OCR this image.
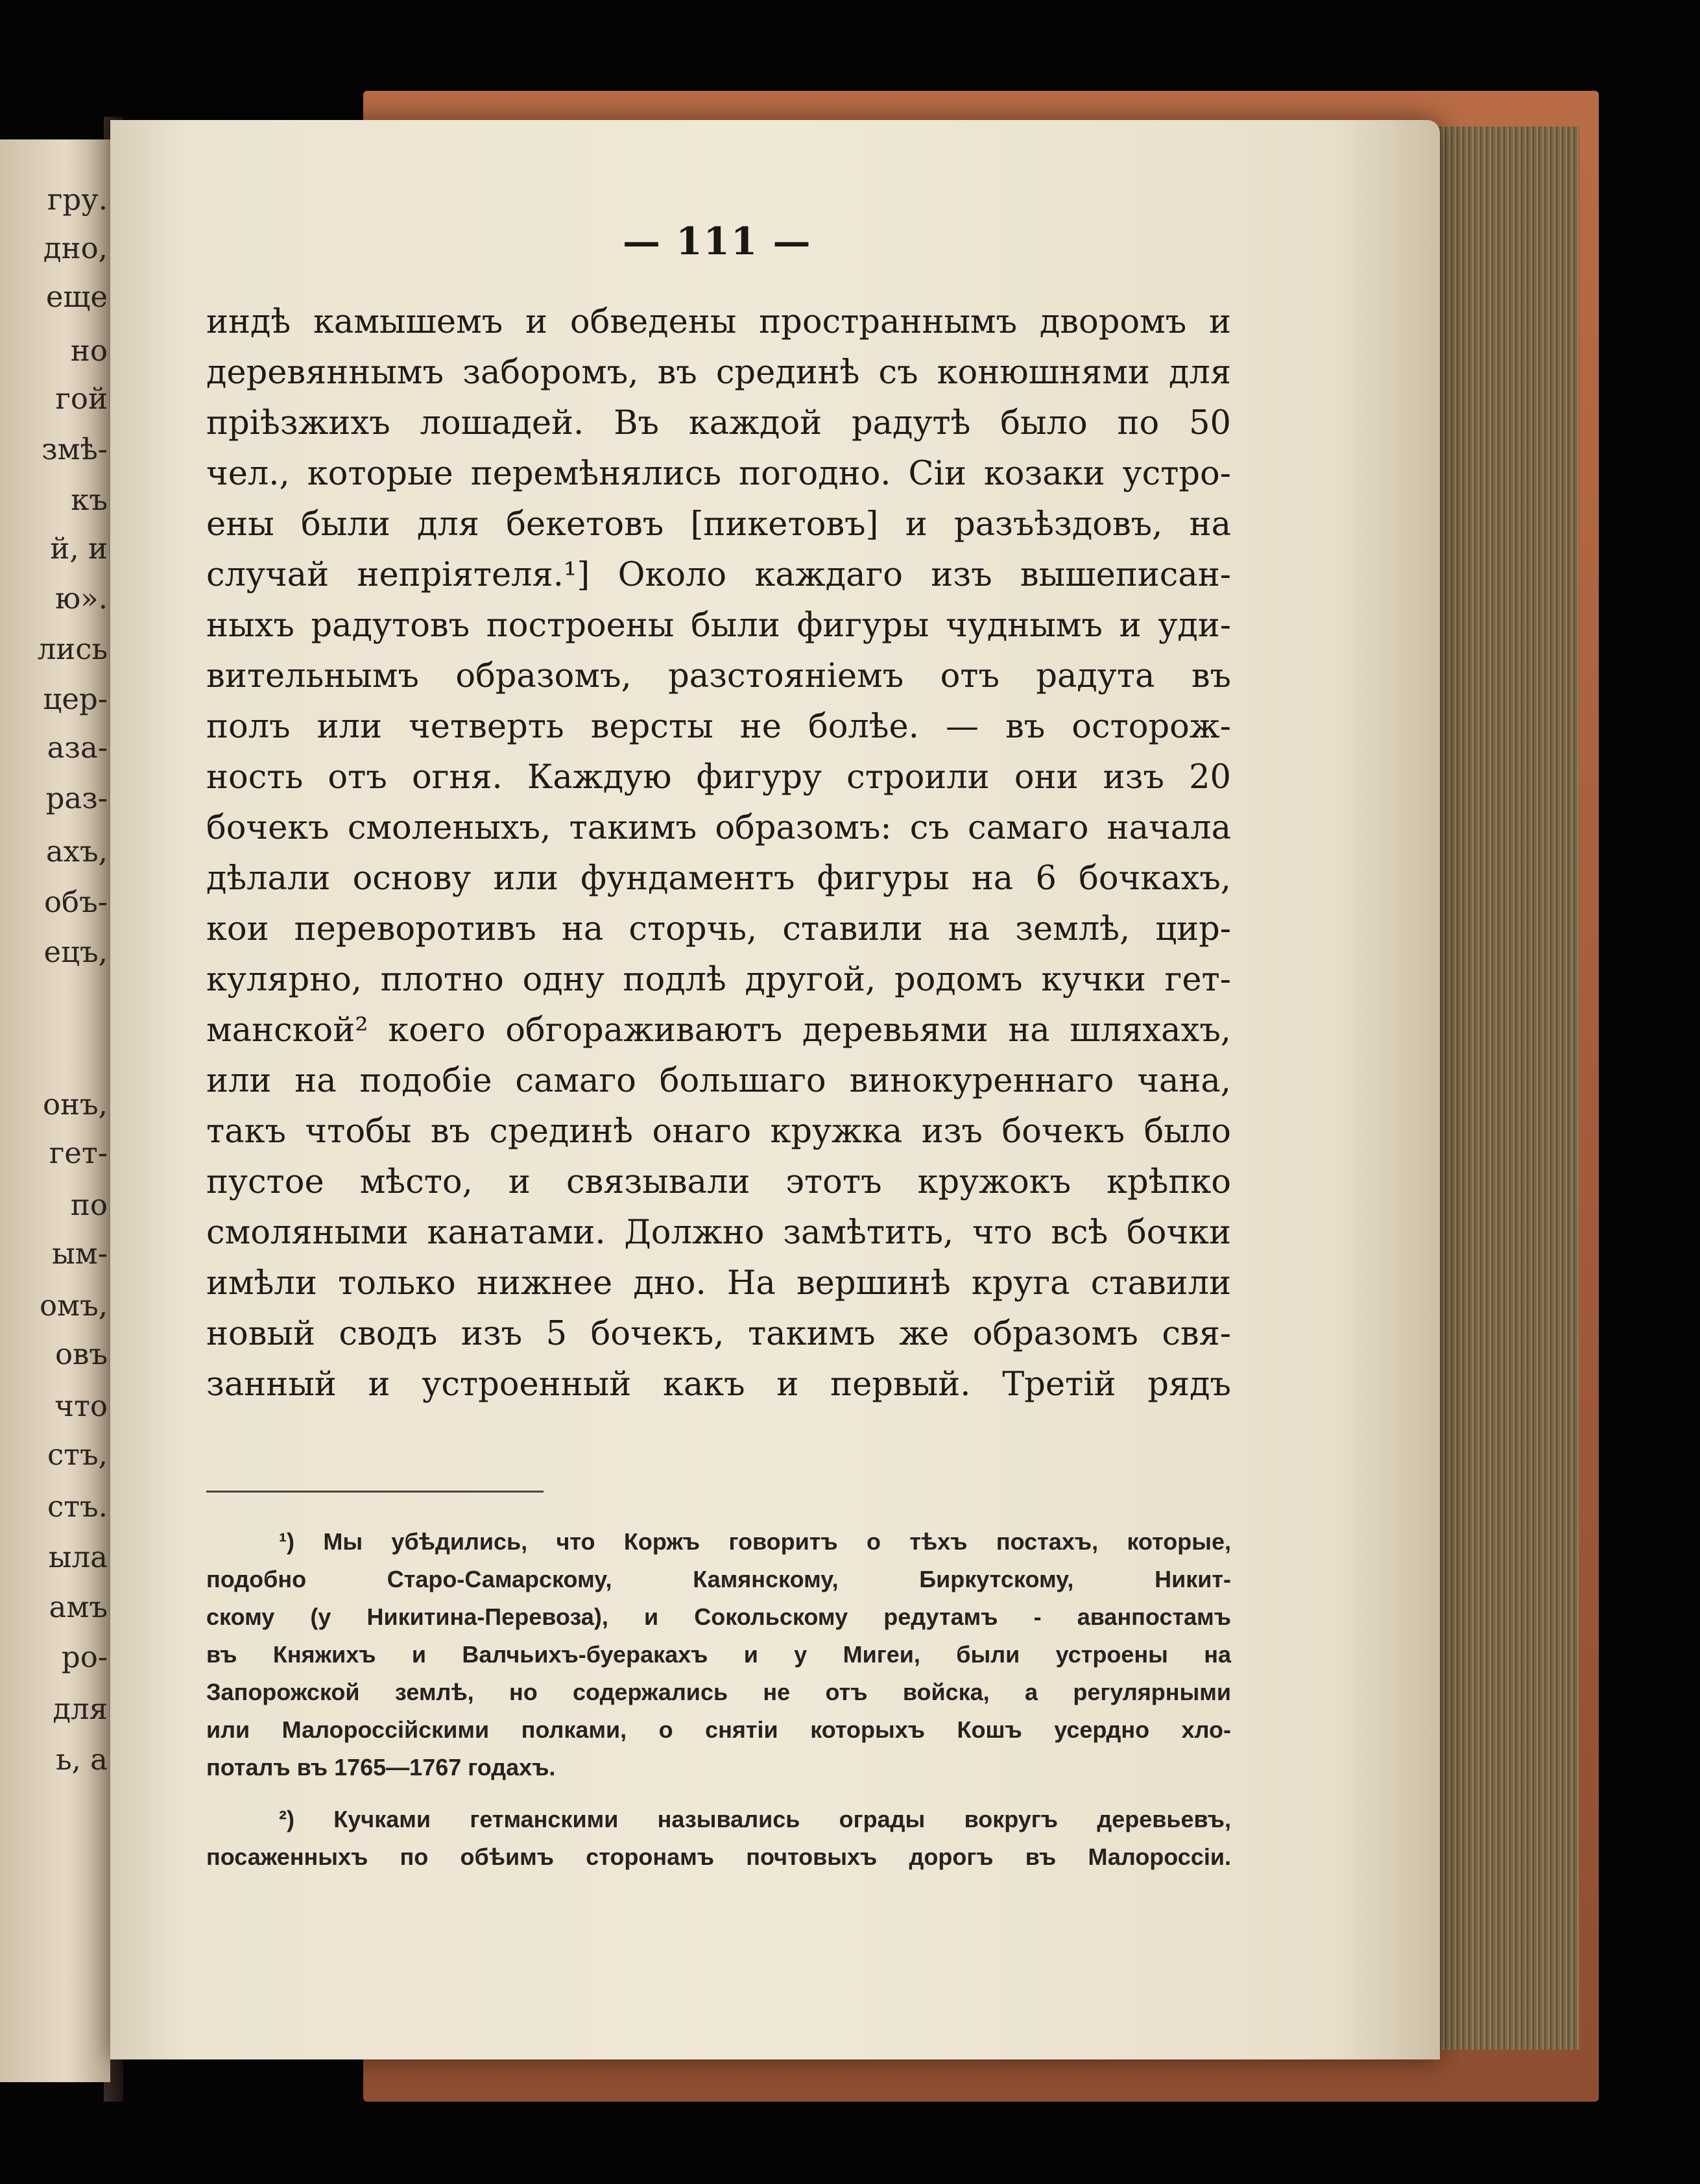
гру.
дно,
еще
но
гой
змѣ-
къ
й, и
ю».
лись
цер-
аза-
раз-
ахъ,
объ-
ецъ,
онъ,
гет-
по
ым-
омъ,
овъ
что
стъ,
стъ.
ыла
амъ
ро-
для
ь, а
— 111 —
индѣ камышемъ и обведены пространнымъ дворомъ и
деревяннымъ заборомъ, въ срединѣ съ конюшнями для
пріѣзжихъ лошадей. Въ каждой радутѣ было по 50
чел., которые перемѣнялись погодно. Сіи козаки устро-
ены были для бекетовъ [пикетовъ] и разъѣздовъ, на
случай непріятеля.¹] Около каждаго изъ вышеписан-
ныхъ радутовъ построены были фигуры чуднымъ и уди-
вительнымъ образомъ, разстояніемъ отъ радута въ
полъ или четверть версты не болѣе. — въ осторож-
ность отъ огня. Каждую фигуру строили они изъ 20
бочекъ смоленыхъ, такимъ образомъ: съ самаго начала
дѣлали основу или фундаментъ фигуры на 6 бочкахъ,
кои переворотивъ на сторчь, ставили на землѣ, цир-
кулярно, плотно одну подлѣ другой, родомъ кучки гет-
манской² коего обгораживаютъ деревьями на шляхахъ,
или на подобіе самаго большаго винокуреннаго чана,
такъ чтобы въ срединѣ онаго кружка изъ бочекъ было
пустое мѣсто, и связывали этотъ кружокъ крѣпко
смоляными канатами. Должно замѣтить, что всѣ бочки
имѣли только нижнее дно. На вершинѣ круга ставили
новый сводъ изъ 5 бочекъ, такимъ же образомъ свя-
занный и устроенный какъ и первый. Третій рядъ
¹) Мы убѣдились, что Коржъ говоритъ о тѣхъ постахъ, которые,
подобно Старо-Самарскому, Камянскому, Биркутскому, Никит-
скому (у Никитина-Перевоза), и Сокольскому редутамъ - аванпостамъ
въ Княжихъ и Валчьихъ-буеракахъ и у Мигеи, были устроены на
Запорожской землѣ, но содержались не отъ войска, а регулярными
или Малороссійскими полками, о снятіи которыхъ Кошъ усердно хло-
поталъ въ 1765—1767 годахъ.
²) Кучками гетманскими назывались ограды вокругъ деревьевъ,
посаженныхъ по обѣимъ сторонамъ почтовыхъ дорогъ въ Малороссіи.
